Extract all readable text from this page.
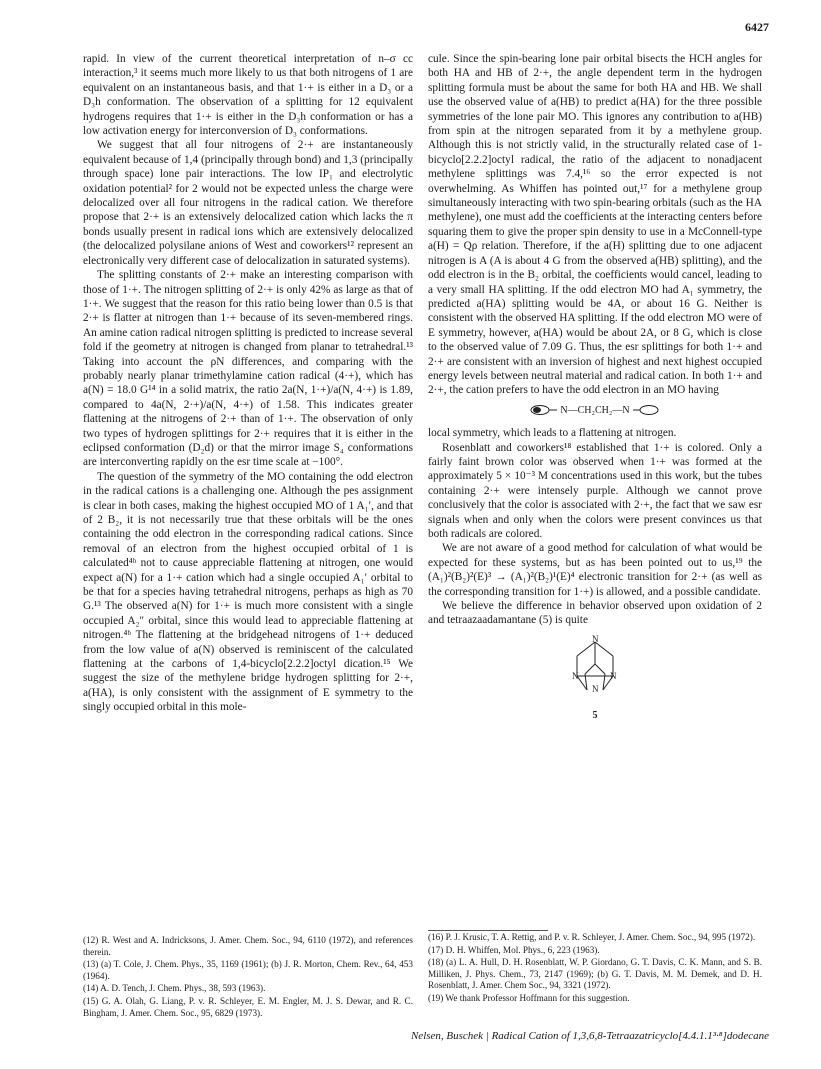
6427

rapid. In view of the current theoretical interpretation of n–σ cc interaction,³ it seems much more likely to us that both nitrogens of 1 are equivalent on an instantaneous basis, and that 1·+ is either in a D₃ or a D₃h conformation. The observation of a splitting for 12 equivalent hydrogens requires that 1·+ is either in the D₃h conformation or has a low activation energy for interconversion of D₃ conformations.

We suggest that all four nitrogens of 2·+ are instantaneously equivalent because of 1,4 (principally through bond) and 1,3 (principally through space) lone pair interactions. The low IP₁ and electrolytic oxidation potential² for 2 would not be expected unless the charge were delocalized over all four nitrogens in the radical cation. We therefore propose that 2·+ is an extensively delocalized cation which lacks the π bonds usually present in radical ions which are extensively delocalized (the delocalized polysilane anions of West and coworkers¹² represent an electronically very different case of delocalization in saturated systems).

The splitting constants of 2·+ make an interesting comparison with those of 1·+. The nitrogen splitting of 2·+ is only 42% as large as that of 1·+. We suggest that the reason for this ratio being lower than 0.5 is that 2·+ is flatter at nitrogen than 1·+ because of its seven-membered rings. An amine cation radical nitrogen splitting is predicted to increase several fold if the geometry at nitrogen is changed from planar to tetrahedral.¹³ Taking into account the ρN differences, and comparing with the probably nearly planar trimethylamine cation radical (4·+), which has a(N) = 18.0 G¹⁴ in a solid matrix, the ratio 2a(N, 1·+)/a(N, 4·+) is 1.89, compared to 4a(N, 2·+)/a(N, 4·+) of 1.58. This indicates greater flattening at the nitrogens of 2·+ than of 1·+. The observation of only two types of hydrogen splittings for 2·+ requires that it is either in the eclipsed conformation (D₂d) or that the mirror image S₄ conformations are interconverting rapidly on the esr time scale at −100°.

The question of the symmetry of the MO containing the odd electron in the radical cations is a challenging one. Although the pes assignment is clear in both cases, making the highest occupied MO of 1 A₁′, and that of 2 B₂, it is not necessarily true that these orbitals will be the ones containing the odd electron in the corresponding radical cations. Since removal of an electron from the highest occupied orbital of 1 is calculated⁴ᵇ not to cause appreciable flattening at nitrogen, one would expect a(N) for a 1·+ cation which had a single occupied A₁′ orbital to be that for a species having tetrahedral nitrogens, perhaps as high as 70 G.¹³ The observed a(N) for 1·+ is much more consistent with a single occupied A₂″ orbital, since this would lead to appreciable flattening at nitrogen.⁴ᵇ The flattening at the bridgehead nitrogens of 1·+ deduced from the low value of a(N) observed is reminiscent of the calculated flattening at the carbons of 1,4-bicyclo[2.2.2]octyl dication.¹⁵ We suggest the size of the methylene bridge hydrogen splitting for 2·+, a(HA), is only consistent with the assignment of E symmetry to the singly occupied orbital in this mole-

cule. Since the spin-bearing lone pair orbital bisects the HCH angles for both HA and HB of 2·+, the angle dependent term in the hydrogen splitting formula must be about the same for both HA and HB. We shall use the observed value of a(HB) to predict a(HA) for the three possible symmetries of the lone pair MO. This ignores any contribution to a(HB) from spin at the nitrogen separated from it by a methylene group. Although this is not strictly valid, in the structurally related case of 1-bicyclo[2.2.2]octyl radical, the ratio of the adjacent to nonadjacent methylene splittings was 7.4,¹⁶ so the error expected is not overwhelming. As Whiffen has pointed out,¹⁷ for a methylene group simultaneously interacting with two spin-bearing orbitals (such as the HA methylene), one must add the coefficients at the interacting centers before squaring them to give the proper spin density to use in a McConnell-type a(H) = Qρ relation. Therefore, if the a(H) splitting due to one adjacent nitrogen is A (A is about 4 G from the observed a(HB) splitting), and the odd electron is in the B₂ orbital, the coefficients would cancel, leading to a very small HA splitting. If the odd electron MO had A₁ symmetry, the predicted a(HA) splitting would be 4A, or about 16 G. Neither is consistent with the observed HA splitting. If the odd electron MO were of E symmetry, however, a(HA) would be about 2A, or 8 G, which is close to the observed value of 7.09 G. Thus, the esr splittings for both 1·+ and 2·+ are consistent with an inversion of highest and next highest occupied energy levels between neutral material and radical cation. In both 1·+ and 2·+, the cation prefers to have the odd electron in an MO having

N—CH₂CH₂—N

local symmetry, which leads to a flattening at nitrogen.

Rosenblatt and coworkers¹⁸ established that 1·+ is colored. Only a fairly faint brown color was observed when 1·+ was formed at the approximately 5 × 10⁻³ M concentrations used in this work, but the tubes containing 2·+ were intensely purple. Although we cannot prove conclusively that the color is associated with 2·+, the fact that we saw esr signals when and only when the colors were present convinces us that both radicals are colored.

We are not aware of a good method for calculation of what would be expected for these systems, but as has been pointed out to us,¹⁹ the (A₁)²(B₂)²(E)³ → (A₁)²(B₂)¹(E)⁴ electronic transition for 2·+ (as well as the corresponding transition for 1·+) is allowed, and a possible candidate.

We believe the difference in behavior observed upon oxidation of 2 and tetraazaadamantane (5) is quite

N
N	N
N
5
(12) R. West and A. Indricksons, J. Amer. Chem. Soc., 94, 6110 (1972), and references therein.
(13) (a) T. Cole, J. Chem. Phys., 35, 1169 (1961); (b) J. R. Morton, Chem. Rev., 64, 453 (1964).
(14) A. D. Tench, J. Chem. Phys., 38, 593 (1963).
(15) G. A. Olah, G. Liang, P. v. R. Schleyer, E. M. Engler, M. J. S. Dewar, and R. C. Bingham, J. Amer. Chem. Soc., 95, 6829 (1973).
(16) P. J. Krusic, T. A. Rettig, and P. v. R. Schleyer, J. Amer. Chem. Soc., 94, 995 (1972).
(17) D. H. Whiffen, Mol. Phys., 6, 223 (1963).
(18) (a) L. A. Hull, D. H. Rosenblatt, W. P. Giordano, G. T. Davis, C. K. Mann, and S. B. Milliken, J. Phys. Chem., 73, 2147 (1969); (b) G. T. Davis, M. M. Demek, and D. H. Rosenblatt, J. Amer. Chem Soc., 94, 3321 (1972).
(19) We thank Professor Hoffmann for this suggestion.
Nelsen, Buschek | Radical Cation of 1,3,6,8-Tetraazatricyclo[4.4.1.1³·⁸]dodecane
